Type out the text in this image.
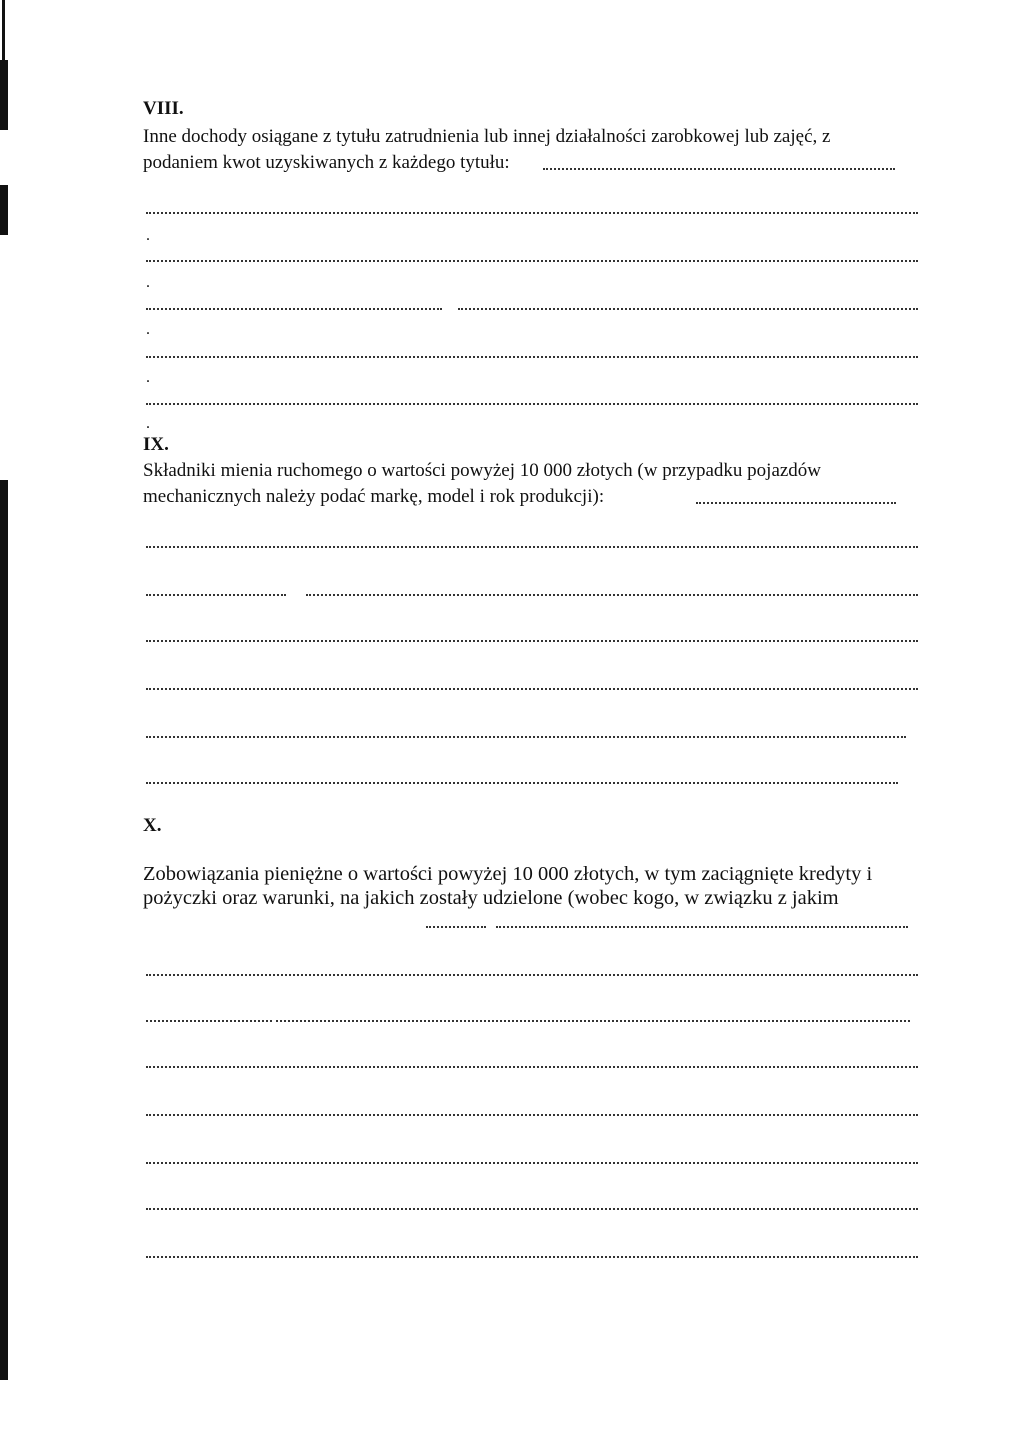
VIII.
Inne dochody osiągane z tytułu zatrudnienia lub innej działalności zarobkowej lub zajęć, z
podaniem kwot uzyskiwanych z każdego tytułu:
.
.
.
.
.
IX.
Składniki mienia ruchomego o wartości powyżej 10 000 złotych (w przypadku pojazdów
mechanicznych należy podać markę, model i rok produkcji):
X.
Zobowiązania pieniężne o wartości powyżej 10 000 złotych, w tym zaciągnięte kredyty i
pożyczki oraz warunki, na jakich zostały udzielone (wobec kogo, w związku z jakim
